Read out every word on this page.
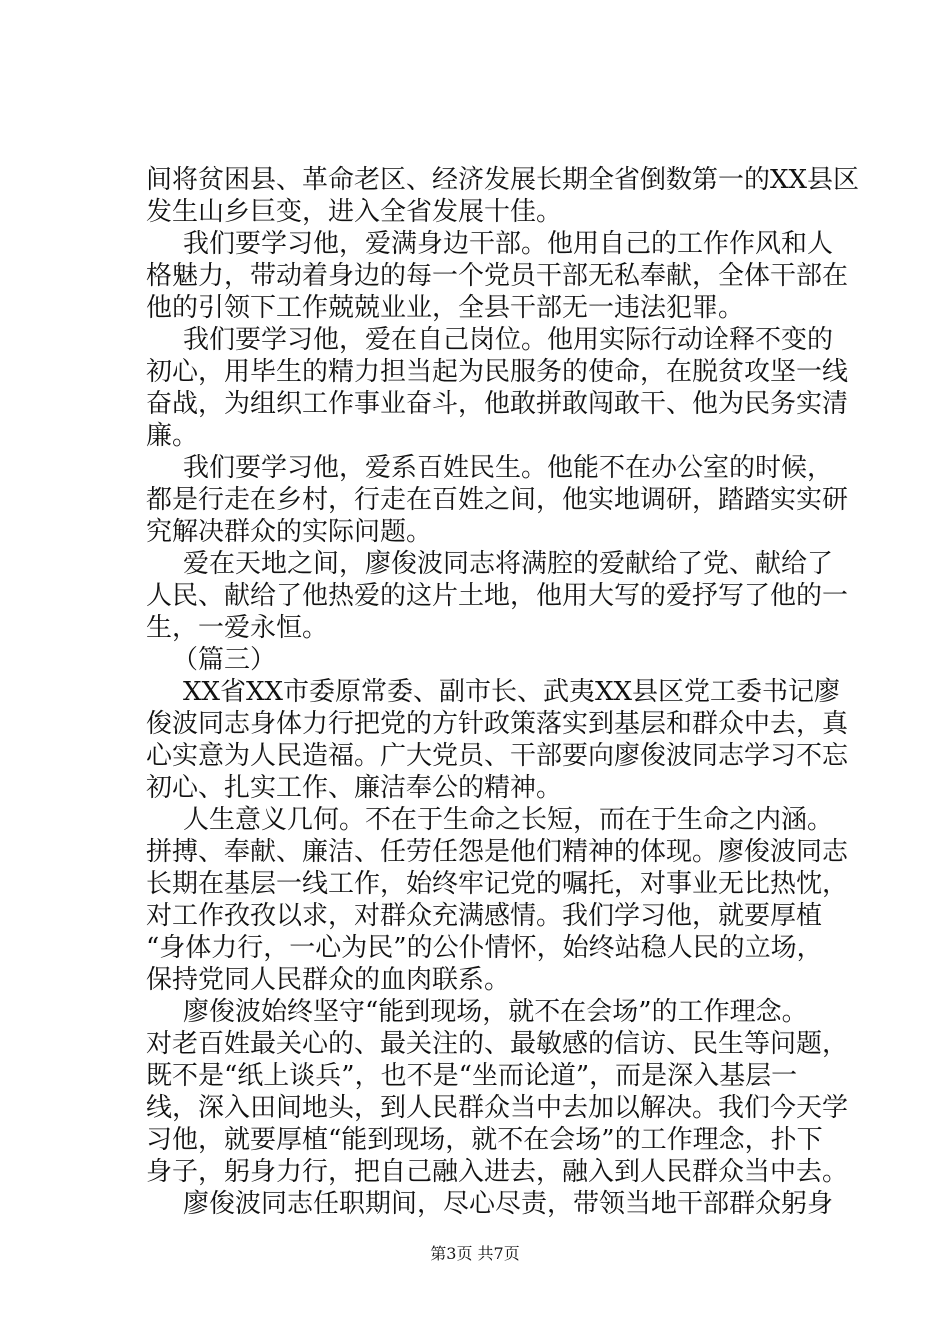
间将贫困县、革命老区、经济发展长期全省倒数第一的XX县区
发生山乡巨变，进入全省发展十佳。
我们要学习他，爱满身边干部。他用自己的工作作风和人
格魅力，带动着身边的每一个党员干部无私奉献，全体干部在
他的引领下工作兢兢业业，全县干部无一违法犯罪。
我们要学习他，爱在自己岗位。他用实际行动诠释不变的
初心，用毕生的精力担当起为民服务的使命，在脱贫攻坚一线
奋战，为组织工作事业奋斗，他敢拼敢闯敢干、他为民务实清
廉。
我们要学习他，爱系百姓民生。他能不在办公室的时候，
都是行走在乡村，行走在百姓之间，他实地调研，踏踏实实研
究解决群众的实际问题。
爱在天地之间，廖俊波同志将满腔的爱献给了党、献给了
人民、献给了他热爱的这片土地，他用大写的爱抒写了他的一
生，一爱永恒。
（篇三）
XX省XX市委原常委、副市长、武夷XX县区党工委书记廖
俊波同志身体力行把党的方针政策落实到基层和群众中去，真
心实意为人民造福。广大党员、干部要向廖俊波同志学习不忘
初心、扎实工作、廉洁奉公的精神。
人生意义几何。不在于生命之长短，而在于生命之内涵。
拼搏、奉献、廉洁、任劳任怨是他们精神的体现。廖俊波同志
长期在基层一线工作，始终牢记党的嘱托，对事业无比热忱，
对工作孜孜以求，对群众充满感情。我们学习他，就要厚植
“身体力行，一心为民”的公仆情怀，始终站稳人民的立场，
保持党同人民群众的血肉联系。
廖俊波始终坚守“能到现场，就不在会场”的工作理念。
对老百姓最关心的、最关注的、最敏感的信访、民生等问题，
既不是“纸上谈兵”，也不是“坐而论道”，而是深入基层一
线，深入田间地头，到人民群众当中去加以解决。我们今天学
习他，就要厚植“能到现场，就不在会场”的工作理念，扑下
身子，躬身力行，把自己融入进去，融入到人民群众当中去。
廖俊波同志任职期间，尽心尽责，带领当地干部群众躬身
第3页 共7页
